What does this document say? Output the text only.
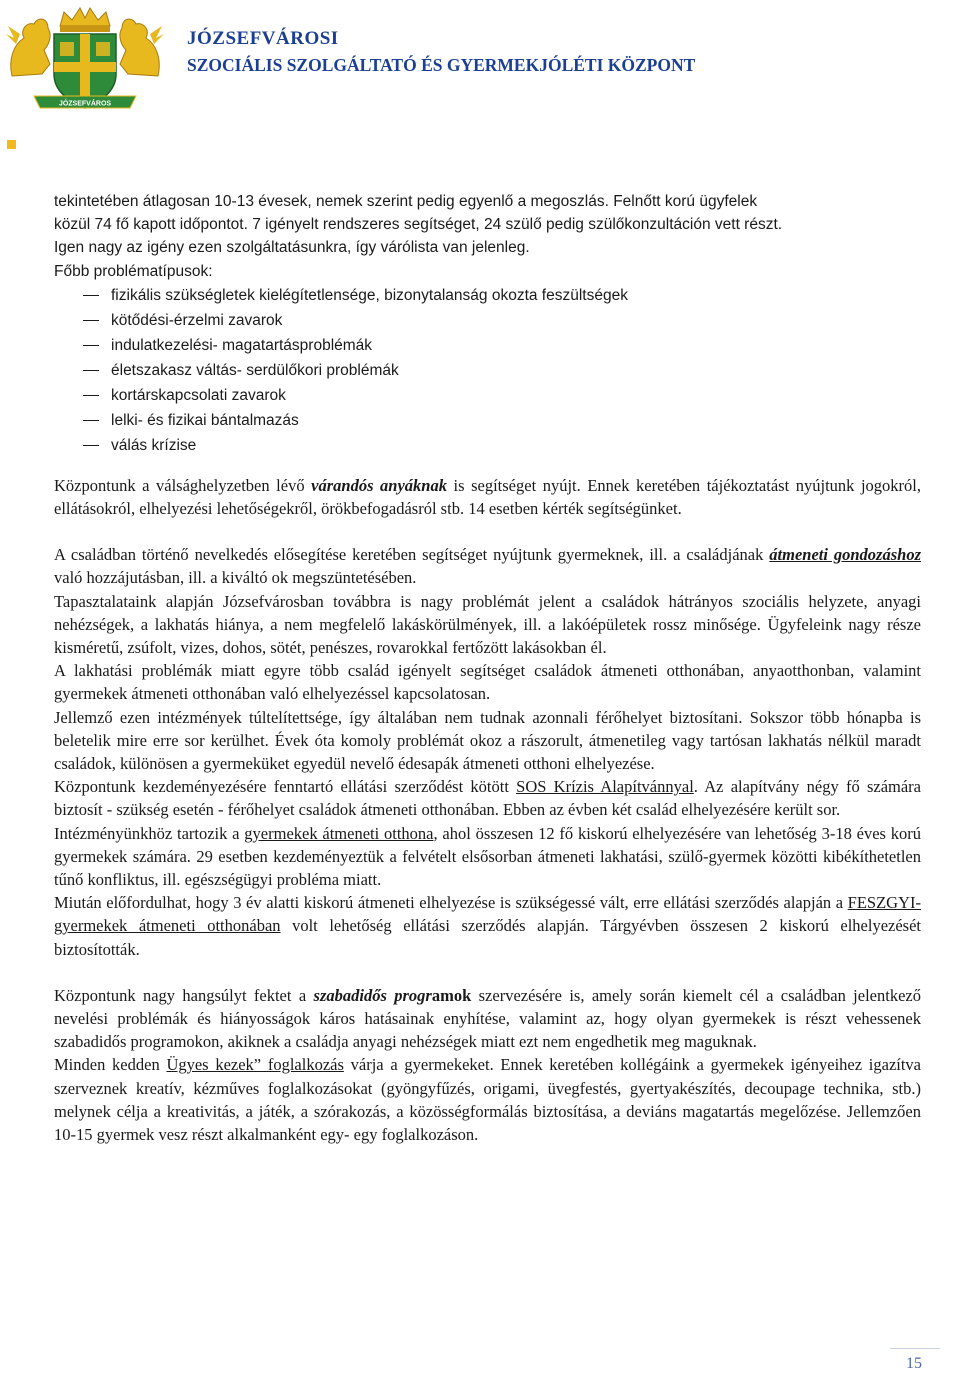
JÓZSEFVÁROS
JÓZSEFVÁROSI
SZOCIÁLIS SZOLGÁLTATÓ ÉS GYERMEKJÓLÉTI KÖZPONT

tekintetében átlagosan 10-13 évesek, nemek szerint pedig egyenlő a megoszlás. Felnőtt korú ügyfelek

közül 74 fő kapott időpontot. 7 igényelt rendszeres segítséget, 24 szülő pedig szülőkonzultáción vett részt.

Igen nagy az igény ezen szolgáltatásunkra, így várólista van jelenleg.

Főbb problématípusok:

fizikális szükségletek kielégítetlensége, bizonytalanság okozta feszültségek
kötődési-érzelmi zavarok
indulatkezelési- magatartásproblémák
életszakasz váltás- serdülőkori problémák
kortárskapcsolati zavarok
lelki- és fizikai bántalmazás
válás krízise

Központunk a válsághelyzetben lévő várandós anyáknak is segítséget nyújt. Ennek keretében tájékoztatást nyújtunk jogokról, ellátásokról, elhelyezési lehetőségekről, örökbefogadásról stb. 14 esetben kérték segítségünket.

A családban történő nevelkedés elősegítése keretében segítséget nyújtunk gyermeknek, ill. a családjának átmeneti gondozáshoz való hozzájutásban, ill. a kiváltó ok megszüntetésében.

Tapasztalataink alapján Józsefvárosban továbbra is nagy problémát jelent a családok hátrányos szociális helyzete, anyagi nehézségek, a lakhatás hiánya, a nem megfelelő lakáskörülmények, ill. a lakóépületek rossz minősége. Ügyfeleink nagy része kisméretű, zsúfolt, vizes, dohos, sötét, penészes, rovarokkal fertőzött lakásokban él.

A lakhatási problémák miatt egyre több család igényelt segítséget családok átmeneti otthonában, anyaotthonban, valamint gyermekek átmeneti otthonában való elhelyezéssel kapcsolatosan.

Jellemző ezen intézmények túltelítettsége, így általában nem tudnak azonnali férőhelyet biztosítani. Sokszor több hónapba is beletelik mire erre sor kerülhet. Évek óta komoly problémát okoz a rászorult, átmenetileg vagy tartósan lakhatás nélkül maradt családok, különösen a gyermeküket egyedül nevelő édesapák átmeneti otthoni elhelyezése.

Központunk kezdeményezésére fenntartó ellátási szerződést kötött SOS Krízis Alapítvánnyal. Az alapítvány négy fő számára biztosít - szükség esetén - férőhelyet családok átmeneti otthonában. Ebben az évben két család elhelyezésére került sor.

Intézményünkhöz tartozik a gyermekek átmeneti otthona, ahol összesen 12 fő kiskorú elhelyezésére van lehetőség 3-18 éves korú gyermekek számára. 29 esetben kezdeményeztük a felvételt elsősorban átmeneti lakhatási, szülő-gyermek közötti kibékíthetetlen tűnő konfliktus, ill. egészségügyi probléma miatt.

Miután előfordulhat, hogy 3 év alatti kiskorú átmeneti elhelyezése is szükségessé vált, erre ellátási szerződés alapján a FESZGYI- gyermekek átmeneti otthonában volt lehetőség ellátási szerződés alapján. Tárgyévben összesen 2 kiskorú elhelyezését biztosították.

Központunk nagy hangsúlyt fektet a szabadidős programok szervezésére is, amely során kiemelt cél a családban jelentkező nevelési problémák és hiányosságok káros hatásainak enyhítése, valamint az, hogy olyan gyermekek is részt vehessenek szabadidős programokon, akiknek a családja anyagi nehézségek miatt ezt nem engedhetik meg maguknak.

Minden kedden Ügyes kezek” foglalkozás várja a gyermekeket. Ennek keretében kollégáink a gyermekek igényeihez igazítva szerveznek kreatív, kézműves foglalkozásokat (gyöngyfűzés, origami, üvegfestés, gyertyakészítés, decoupage technika, stb.) melynek célja a kreativitás, a játék, a szórakozás, a közösségformálás biztosítása, a deviáns magatartás megelőzése. Jellemzően 10-15 gyermek vesz részt alkalmanként egy- egy foglalkozáson.

15
